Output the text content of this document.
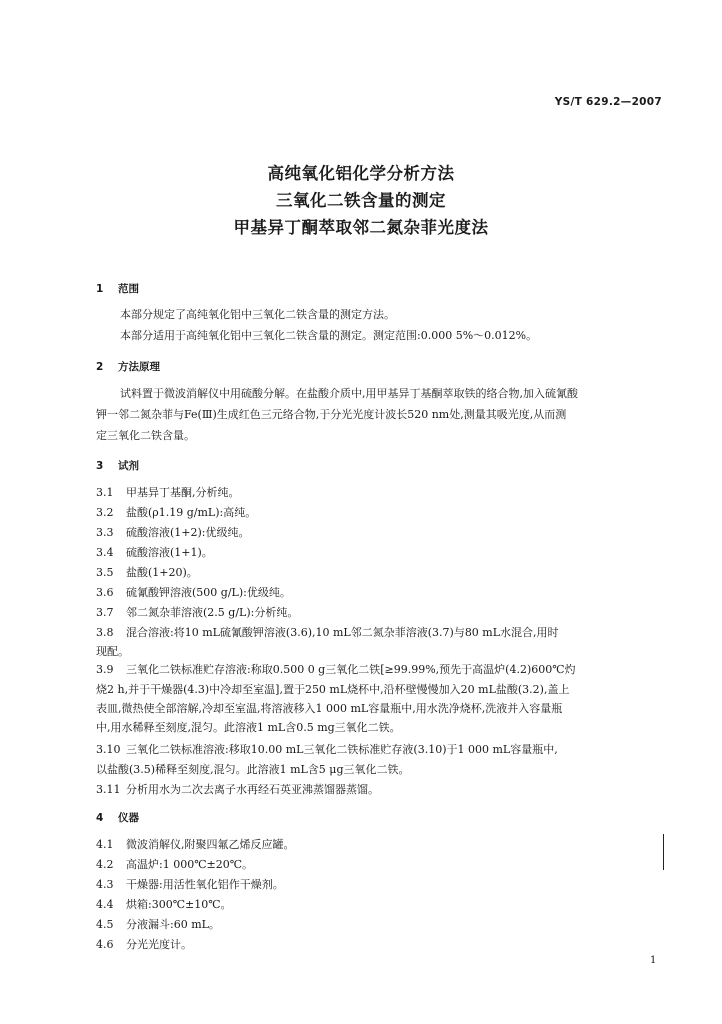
YS/T 629.2—2007
高纯氧化铝化学分析方法
三氧化二铁含量的测定
甲基异丁酮萃取邻二氮杂菲光度法
1 范围
本部分规定了高纯氧化铝中三氧化二铁含量的测定方法。
本部分适用于高纯氧化铝中三氧化二铁含量的测定。测定范围:0.000 5%～0.012%。
2 方法原理
试料置于微波消解仪中用硫酸分解。在盐酸介质中,用甲基异丁基酮萃取铁的络合物,加入硫氰酸
钾一邻二氮杂菲与Fe(Ⅲ)生成红色三元络合物,于分光光度计波长520 nm处,测量其吸光度,从而测
定三氧化二铁含量。
3 试剂
3.1 甲基异丁基酮,分析纯。
3.2 盐酸(ρ1.19 g/mL):高纯。
3.3 硫酸溶液(1+2):优级纯。
3.4 硫酸溶液(1+1)。
3.5 盐酸(1+20)。
3.6 硫氰酸钾溶液(500 g/L):优级纯。
3.7 邻二氮杂菲溶液(2.5 g/L):分析纯。
3.8 混合溶液:将10 mL硫氰酸钾溶液(3.6),10 mL邻二氮杂菲溶液(3.7)与80 mL水混合,用时
现配。
3.9 三氧化二铁标准贮存溶液:称取0.500 0 g三氧化二铁[≥99.99%,预先于高温炉(4.2)600℃灼
烧2 h,并于干燥器(4.3)中冷却至室温],置于250 mL烧杯中,沿杯壁慢慢加入20 mL盐酸(3.2),盖上
表皿,微热使全部溶解,冷却至室温,将溶液移入1 000 mL容量瓶中,用水洗净烧杯,洗液并入容量瓶
中,用水稀释至刻度,混匀。此溶液1 mL含0.5 mg三氧化二铁。
3.10 三氧化二铁标准溶液:移取10.00 mL三氧化二铁标准贮存液(3.10)于1 000 mL容量瓶中,
以盐酸(3.5)稀释至刻度,混匀。此溶液1 mL含5 μg三氧化二铁。
3.11 分析用水为二次去离子水再经石英亚沸蒸馏器蒸馏。
4 仪器
4.1 微波消解仪,附聚四氟乙烯反应罐。
4.2 高温炉:1 000℃±20℃。
4.3 干燥器:用活性氧化铝作干燥剂。
4.4 烘箱:300℃±10℃。
4.5 分液漏斗:60 mL。
4.6 分光光度计。
1
